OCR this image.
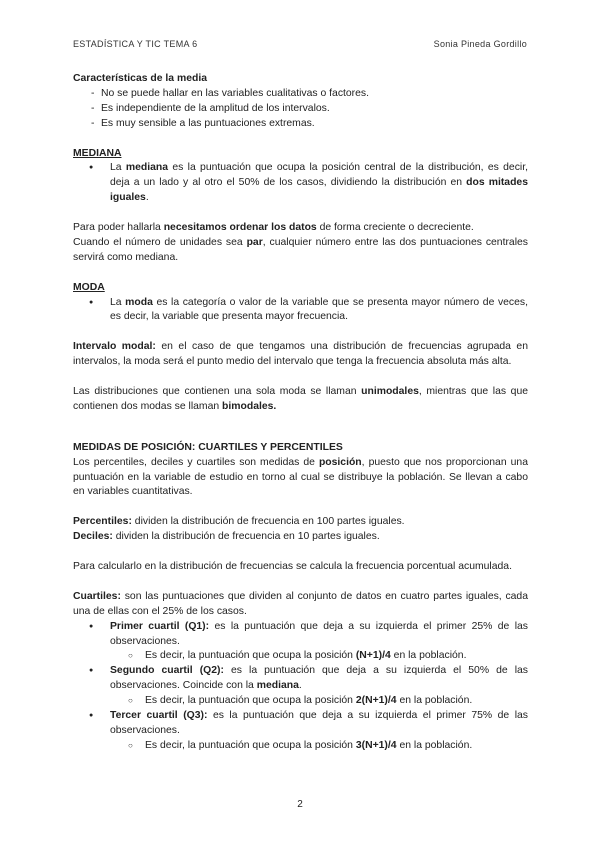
ESTADÍSTICA Y TIC TEMA 6	Sonia Pineda Gordillo

Características de la media

- No se puede hallar en las variables cualitativas o factores.
- Es independiente de la amplitud de los intervalos.
- Es muy sensible a las puntuaciones extremas.

MEDIANA

● La mediana es la puntuación que ocupa la posición central de la distribución, es decir, deja a un lado y al otro el 50% de los casos, dividiendo la distribución en dos mitades iguales.

Para poder hallarla necesitamos ordenar los datos de forma creciente o decreciente.

Cuando el número de unidades sea par, cualquier número entre las dos puntuaciones centrales servirá como mediana.

MODA

● La moda es la categoría o valor de la variable que se presenta mayor número de veces, es decir, la variable que presenta mayor frecuencia.

Intervalo modal: en el caso de que tengamos una distribución de frecuencias agrupada en intervalos, la moda será el punto medio del intervalo que tenga la frecuencia absoluta más alta.

Las distribuciones que contienen una sola moda se llaman unimodales, mientras que las que contienen dos modas se llaman bimodales.

MEDIDAS DE POSICIÓN: CUARTILES Y PERCENTILES

Los percentiles, deciles y cuartiles son medidas de posición, puesto que nos proporcionan una puntuación en la variable de estudio en torno al cual se distribuye la población. Se llevan a cabo en variables cuantitativas.

Percentiles: dividen la distribución de frecuencia en 100 partes iguales.

Deciles: dividen la distribución de frecuencia en 10 partes iguales.

Para calcularlo en la distribución de frecuencias se calcula la frecuencia porcentual acumulada.

Cuartiles: son las puntuaciones que dividen al conjunto de datos en cuatro partes iguales, cada una de ellas con el 25% de los casos.

● Primer cuartil (Q1): es la puntuación que deja a su izquierda el primer 25% de las observaciones.

○ Es decir, la puntuación que ocupa la posición (N+1)/4 en la población.

● Segundo cuartil (Q2): es la puntuación que deja a su izquierda el 50% de las observaciones. Coincide con la mediana.

○ Es decir, la puntuación que ocupa la posición 2(N+1)/4 en la población.

● Tercer cuartil (Q3): es la puntuación que deja a su izquierda el primer 75% de las observaciones.

○ Es decir, la puntuación que ocupa la posición 3(N+1)/4 en la población.

2
